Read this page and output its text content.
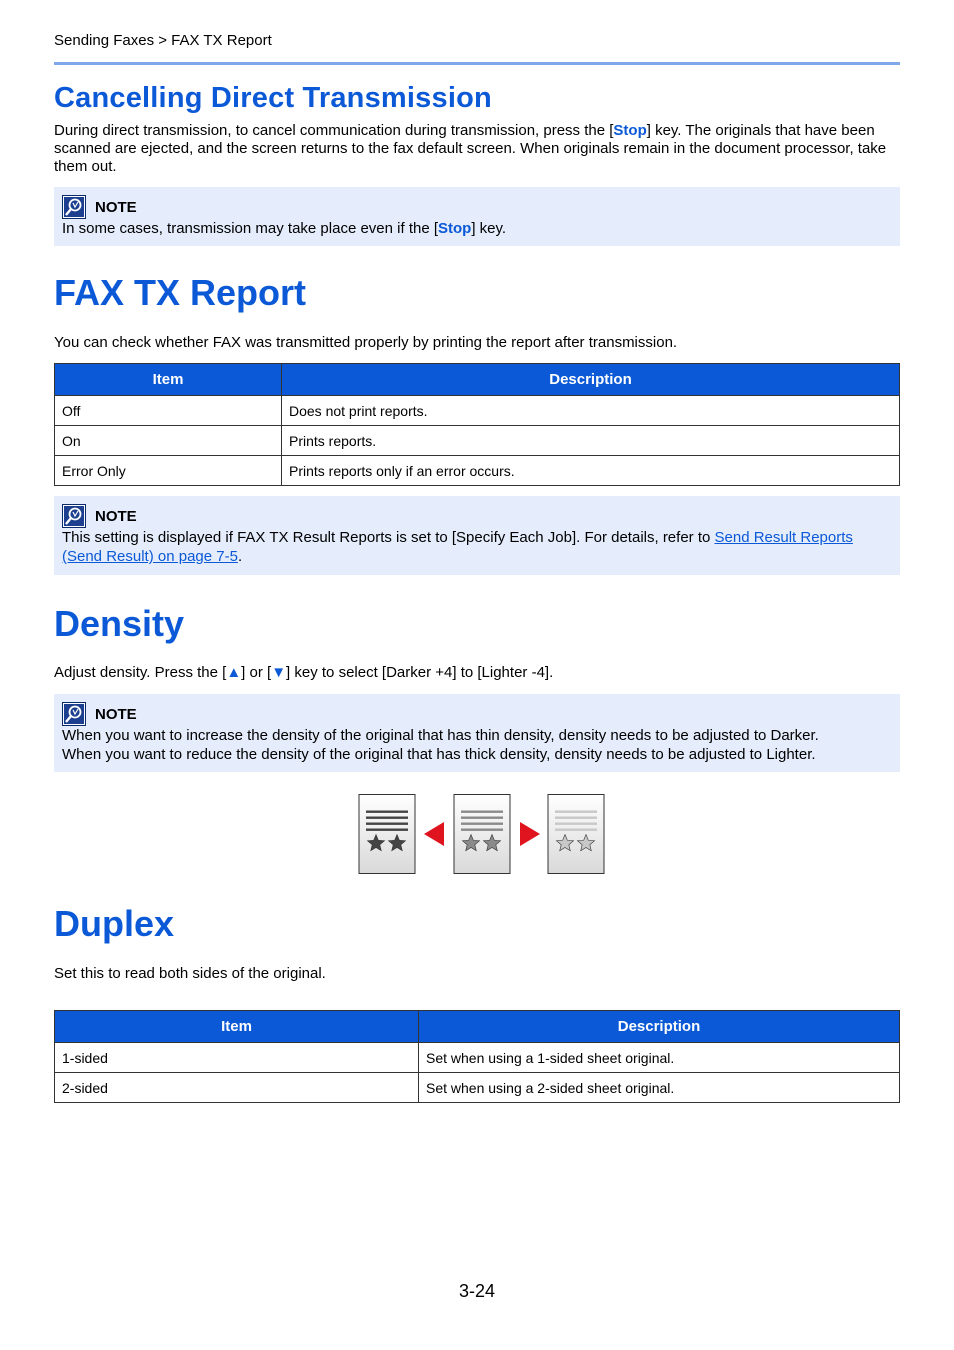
Sending Faxes > FAX TX Report
Cancelling Direct Transmission
During direct transmission, to cancel communication during transmission, press the [Stop] key. The originals that have been scanned are ejected, and the screen returns to the fax default screen. When originals remain in the document processor, take them out.
NOTE
In some cases, transmission may take place even if the [Stop] key.
FAX TX Report
You can check whether FAX was transmitted properly by printing the report after transmission.
Item	Description
Off	Does not print reports.
On	Prints reports.
Error Only	Prints reports only if an error occurs.
NOTE
This setting is displayed if FAX TX Result Reports is set to [Specify Each Job]. For details, refer to Send Result Reports (Send Result) on page 7-5.
Density
Adjust density. Press the [▲] or [▼] key to select [Darker +4] to [Lighter -4].
NOTE
When you want to increase the density of the original that has thin density, density needs to be adjusted to Darker.
When you want to reduce the density of the original that has thick density, density needs to be adjusted to Lighter.
Duplex
Set this to read both sides of the original.
Item	Description
1-sided	Set when using a 1-sided sheet original.
2-sided	Set when using a 2-sided sheet original.
3-24
